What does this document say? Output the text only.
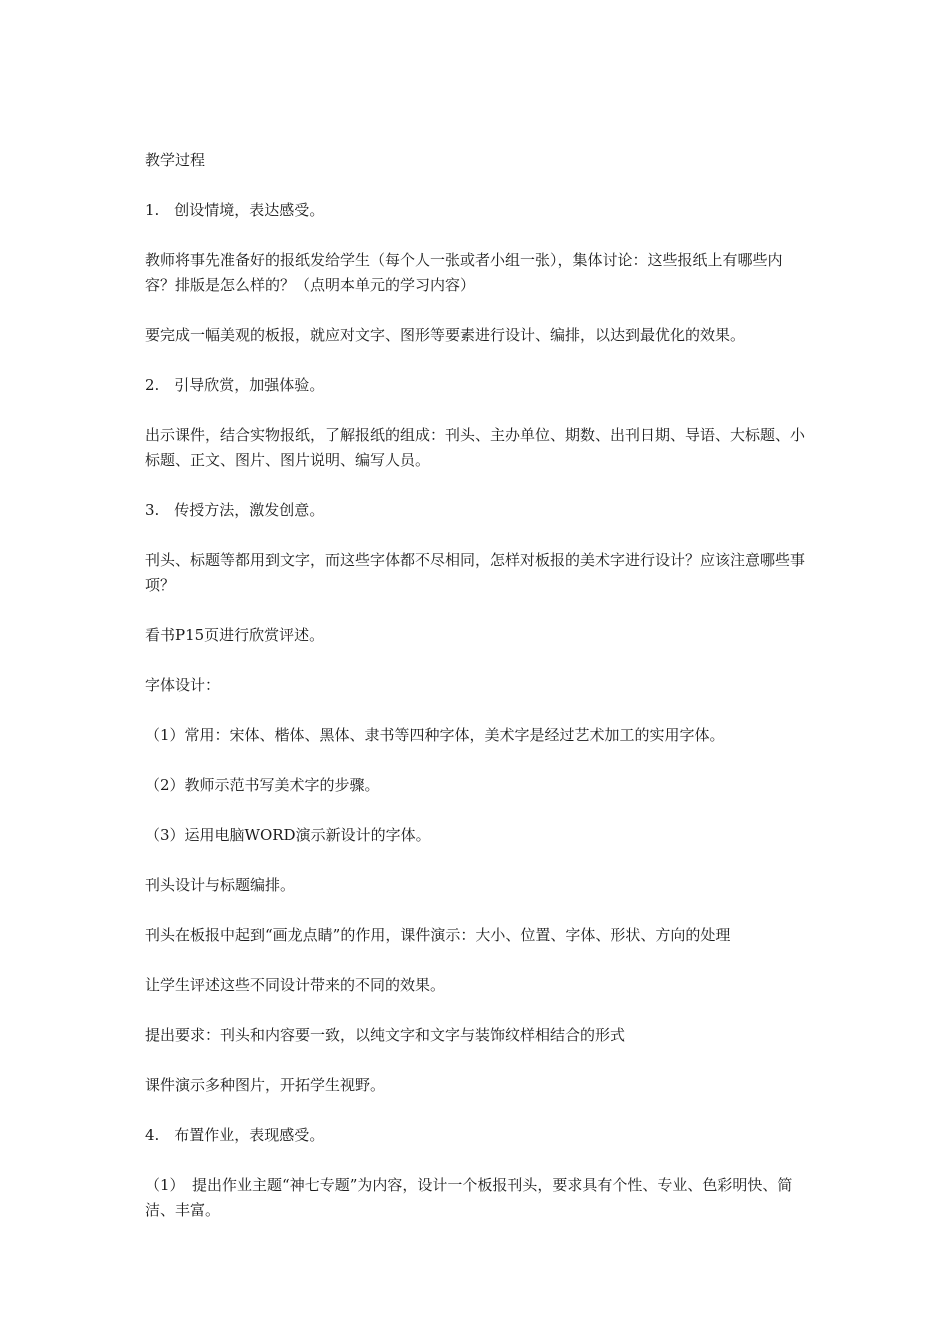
教学过程

1.　创设情境，表达感受。

教师将事先准备好的报纸发给学生（每个人一张或者小组一张），集体讨论：这些报纸上有哪些内容？排版是怎么样的？（点明本单元的学习内容）

要完成一幅美观的板报，就应对文字、图形等要素进行设计、编排，以达到最优化的效果。

2.　引导欣赏，加强体验。

出示课件，结合实物报纸，了解报纸的组成：刊头、主办单位、期数、出刊日期、导语、大标题、小标题、正文、图片、图片说明、编写人员。

3.　传授方法，激发创意。

刊头、标题等都用到文字，而这些字体都不尽相同，怎样对板报的美术字进行设计？应该注意哪些事项？

看书P15页进行欣赏评述。

字体设计：

（1）常用：宋体、楷体、黑体、隶书等四种字体，美术字是经过艺术加工的实用字体。

（2）教师示范书写美术字的步骤。

（3）运用电脑WORD演示新设计的字体。

刊头设计与标题编排。

刊头在板报中起到“画龙点睛”的作用，课件演示：大小、位置、字体、形状、方向的处理

让学生评述这些不同设计带来的不同的效果。

提出要求：刊头和内容要一致，以纯文字和文字与装饰纹样相结合的形式

课件演示多种图片，开拓学生视野。

4.　布置作业，表现感受。

（1）　提出作业主题“神七专题”为内容，设计一个板报刊头，要求具有个性、专业、色彩明快、简洁、丰富。
